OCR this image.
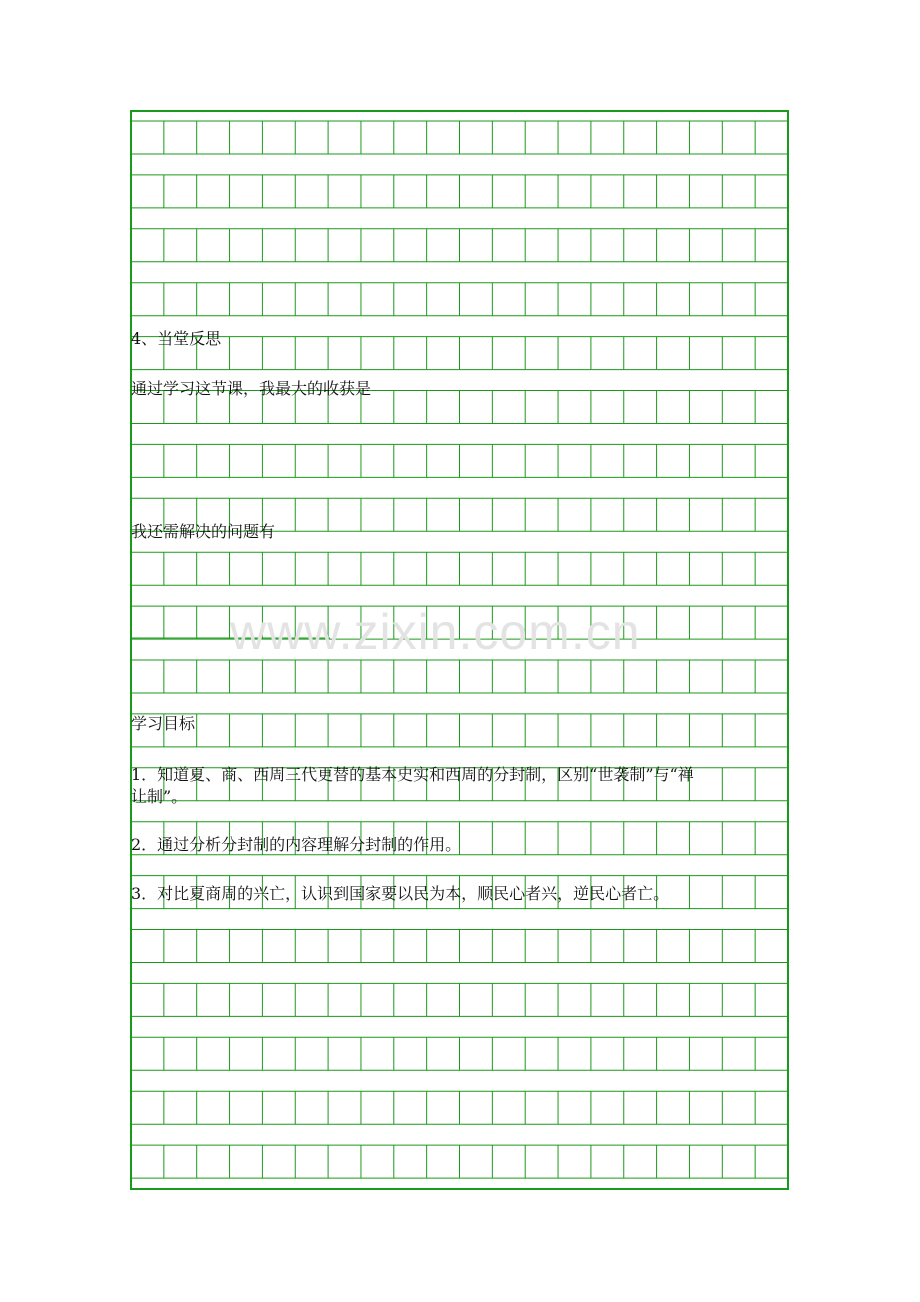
www.zixin.com.cn
4、当堂反思
通过学习这节课，我最大的收获是
我还需解决的问题有
学习目标
1．知道夏、商、西周三代更替的基本史实和西周的分封制，区别“世袭制”与“禅
让制”。
2．通过分析分封制的内容理解分封制的作用。
3．对比夏商周的兴亡，认识到国家要以民为本，顺民心者兴，逆民心者亡。
